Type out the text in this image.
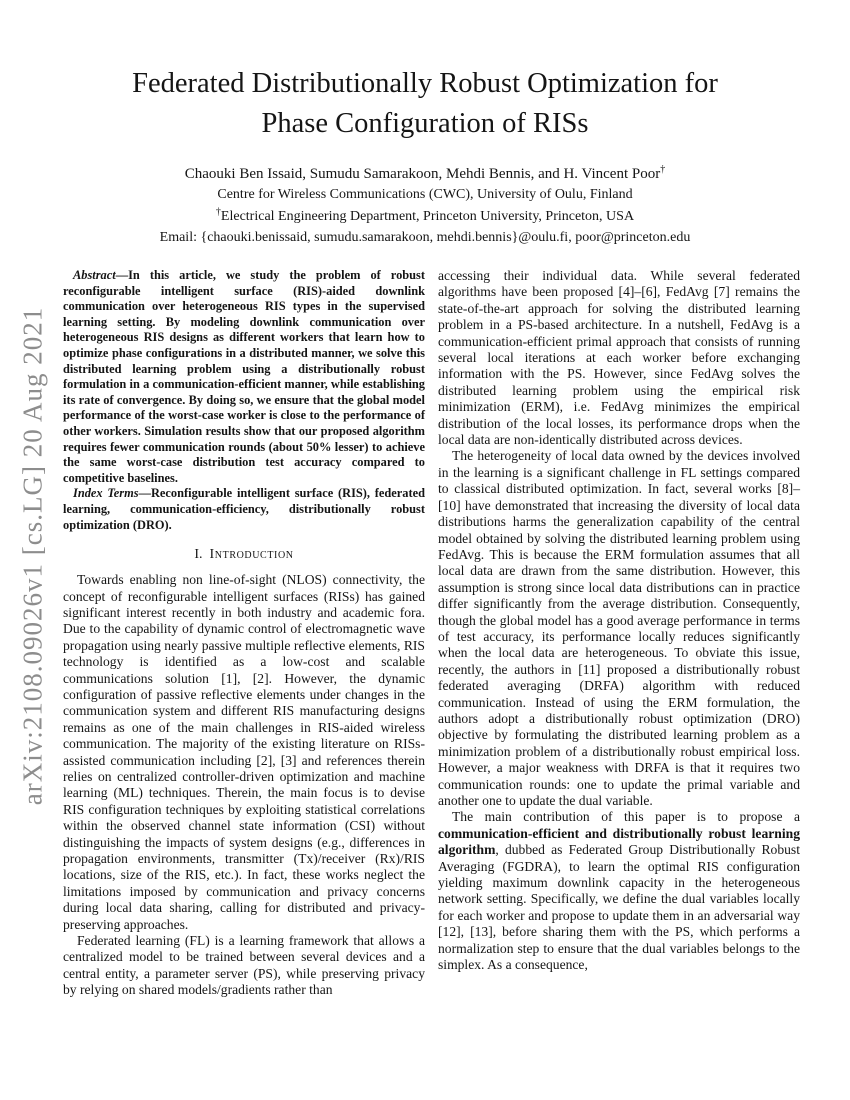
arXiv:2108.09026v1 [cs.LG] 20 Aug 2021
Federated Distributionally Robust Optimization for
Phase Configuration of RISs
Chaouki Ben Issaid, Sumudu Samarakoon, Mehdi Bennis, and H. Vincent Poor†
Centre for Wireless Communications (CWC), University of Oulu, Finland
†Electrical Engineering Department, Princeton University, Princeton, USA
Email: {chaouki.benissaid, sumudu.samarakoon, mehdi.bennis}@oulu.fi, poor@princeton.edu

Abstract—In this article, we study the problem of robust reconfigurable intelligent surface (RIS)-aided downlink communication over heterogeneous RIS types in the supervised learning setting. By modeling downlink communication over heterogeneous RIS designs as different workers that learn how to optimize phase configurations in a distributed manner, we solve this distributed learning problem using a distributionally robust formulation in a communication-efficient manner, while establishing its rate of convergence. By doing so, we ensure that the global model performance of the worst-case worker is close to the performance of other workers. Simulation results show that our proposed algorithm requires fewer communication rounds (about 50% lesser) to achieve the same worst-case distribution test accuracy compared to competitive baselines.

Index Terms—Reconfigurable intelligent surface (RIS), federated learning, communication-efficiency, distributionally robust optimization (DRO).

I. Introduction

Towards enabling non line-of-sight (NLOS) connectivity, the concept of reconfigurable intelligent surfaces (RISs) has gained significant interest recently in both industry and academic fora. Due to the capability of dynamic control of electromagnetic wave propagation using nearly passive multiple reflective elements, RIS technology is identified as a low-cost and scalable communications solution [1], [2]. However, the dynamic configuration of passive reflective elements under changes in the communication system and different RIS manufacturing designs remains as one of the main challenges in RIS-aided wireless communication. The majority of the existing literature on RISs-assisted communication including [2], [3] and references therein relies on centralized controller-driven optimization and machine learning (ML) techniques. Therein, the main focus is to devise RIS configuration techniques by exploiting statistical correlations within the observed channel state information (CSI) without distinguishing the impacts of system designs (e.g., differences in propagation environments, transmitter (Tx)/receiver (Rx)/RIS locations, size of the RIS, etc.). In fact, these works neglect the limitations imposed by communication and privacy concerns during local data sharing, calling for distributed and privacy-preserving approaches.

Federated learning (FL) is a learning framework that allows a centralized model to be trained between several devices and a central entity, a parameter server (PS), while preserving privacy by relying on shared models/gradients rather than

accessing their individual data. While several federated algorithms have been proposed [4]–[6], FedAvg [7] remains the state-of-the-art approach for solving the distributed learning problem in a PS-based architecture. In a nutshell, FedAvg is a communication-efficient primal approach that consists of running several local iterations at each worker before exchanging information with the PS. However, since FedAvg solves the distributed learning problem using the empirical risk minimization (ERM), i.e. FedAvg minimizes the empirical distribution of the local losses, its performance drops when the local data are non-identically distributed across devices.

The heterogeneity of local data owned by the devices involved in the learning is a significant challenge in FL settings compared to classical distributed optimization. In fact, several works [8]–[10] have demonstrated that increasing the diversity of local data distributions harms the generalization capability of the central model obtained by solving the distributed learning problem using FedAvg. This is because the ERM formulation assumes that all local data are drawn from the same distribution. However, this assumption is strong since local data distributions can in practice differ significantly from the average distribution. Consequently, though the global model has a good average performance in terms of test accuracy, its performance locally reduces significantly when the local data are heterogeneous. To obviate this issue, recently, the authors in [11] proposed a distributionally robust federated averaging (DRFA) algorithm with reduced communication. Instead of using the ERM formulation, the authors adopt a distributionally robust optimization (DRO) objective by formulating the distributed learning problem as a minimization problem of a distributionally robust empirical loss. However, a major weakness with DRFA is that it requires two communication rounds: one to update the primal variable and another one to update the dual variable.

The main contribution of this paper is to propose a communication-efficient and distributionally robust learning algorithm, dubbed as Federated Group Distributionally Robust Averaging (FGDRA), to learn the optimal RIS configuration yielding maximum downlink capacity in the heterogeneous network setting. Specifically, we define the dual variables locally for each worker and propose to update them in an adversarial way [12], [13], before sharing them with the PS, which performs a normalization step to ensure that the dual variables belongs to the simplex. As a consequence,
